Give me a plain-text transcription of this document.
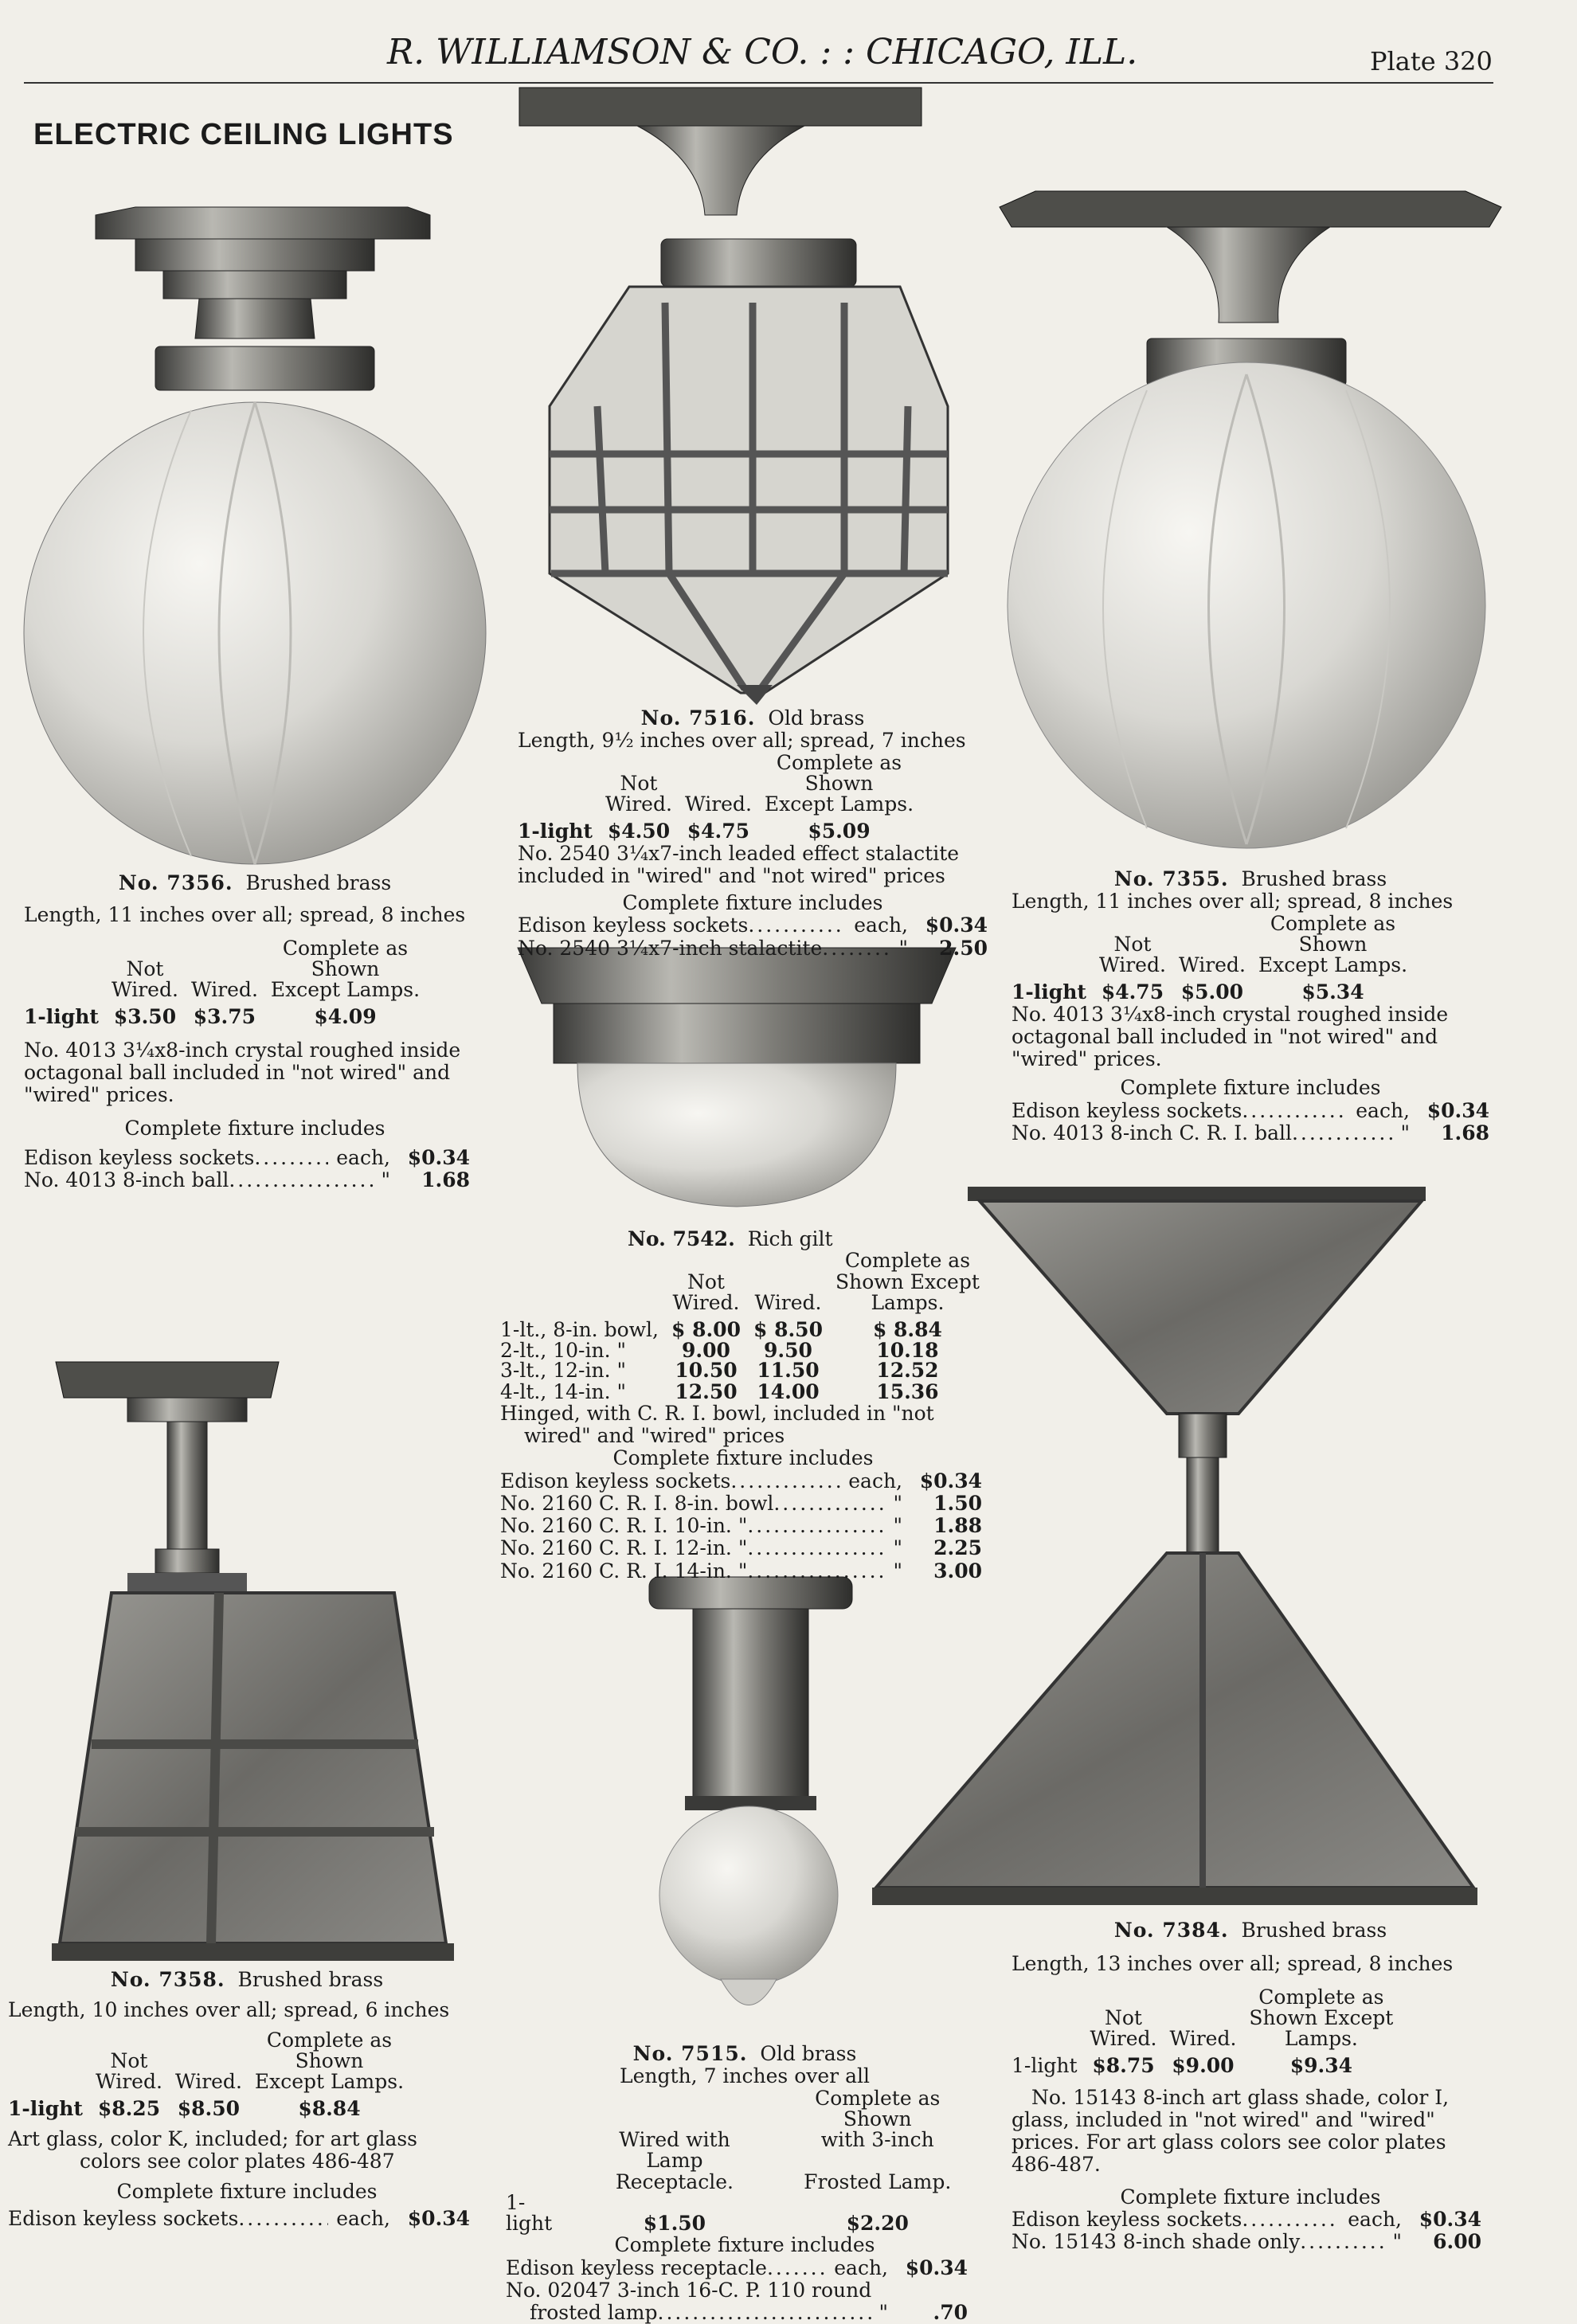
R. WILLIAMSON & CO. : : CHICAGO, ILL.	Plate 320
ELECTRIC CEILING LIGHTS
No. 7356. Brushed brass
Length, 11 inches over all; spread, 8 inches
			Complete as
	Not		Shown
	Wired.	Wired.	Except Lamps.
1-light	$3.50	$3.75	$4.09
No. 4013 3¼x8-inch crystal roughed inside
octagonal ball included in "not wired" and
"wired" prices.
Complete fixture includes
Edison keyless sockets .....	each, $0.34
No. 4013 8-inch ball .....	"	1.68
No. 7516. Old brass
Length, 9½ inches over all; spread, 7 inches
			Complete as
	Not		Shown
	Wired.	Wired.	Except Lamps.
1-light	$4.50	$4.75	$5.09
No. 2540 3¼x7-inch leaded effect stalactite
included in "wired" and "not wired" prices
Complete fixture includes
Edison keyless sockets .....	each, $0.34
No. 2540 3¼x7-inch stalactite .....	"	2.50
No. 7355. Brushed brass
Length, 11 inches over all; spread, 8 inches
			Complete as
	Not		Shown
	Wired.	Wired.	Except Lamps.
1-light	$4.75	$5.00	$5.34
No. 4013 3¼x8-inch crystal roughed inside
octagonal ball included in "not wired" and
"wired" prices.
Complete fixture includes
Edison keyless sockets .....	each, $0.34
No. 4013 8-inch C. R. I. ball .....	"	1.68
No. 7542. Rich gilt
			Complete as
	Not		Shown Except
	Wired.	Wired.	Lamps.
1-lt., 8-in. bowl,	$ 8.00	$ 8.50	$ 8.84
2-lt., 10-in. "	9.00	9.50	10.18
3-lt., 12-in. "	10.50	11.50	12.52
4-lt., 14-in. "	12.50	14.00	15.36
Hinged, with C. R. I. bowl, included in "not
wired" and "wired" prices
Complete fixture includes
Edison keyless sockets .....	each, $0.34
No. 2160 C. R. I. 8-in. bowl .....	"	1.50
No. 2160 C. R. I. 10-in. " .....	"	1.88
No. 2160 C. R. I. 12-in. " .....	"	2.25
No. 2160 C. R. I. 14-in. " .....	"	3.00
No. 7358. Brushed brass
Length, 10 inches over all; spread, 6 inches
			Complete as
	Not		Shown
	Wired.	Wired.	Except Lamps.
1-light	$8.25	$8.50	$8.84
Art glass, color K, included; for art glass
colors see color plates 486-487
Complete fixture includes
Edison keyless sockets .....	each, $0.34
No. 7515. Old brass
Length, 7 inches over all
		Complete as Shown
	Wired with	with 3-inch
	Lamp Receptacle.	Frosted Lamp.
1-light	$1.50	$2.20
Complete fixture includes
Edison keyless receptacle .....	each, $0.34
No. 02047 3-inch 16-C. P. 110 round
frosted lamp .....	"	.70
No. 7384. Brushed brass
Length, 13 inches over all; spread, 8 inches
			Complete as
	Not		Shown Except
	Wired.	Wired.	Lamps.
1-light	$8.75	$9.00	$9.34
No. 15143 8-inch art glass shade, color I,
glass, included in "not wired" and "wired"
prices. For art glass colors see color plates
486-487.
Complete fixture includes
Edison keyless sockets .....	each, $0.34
No. 15143 8-inch shade only .....	"	6.00
